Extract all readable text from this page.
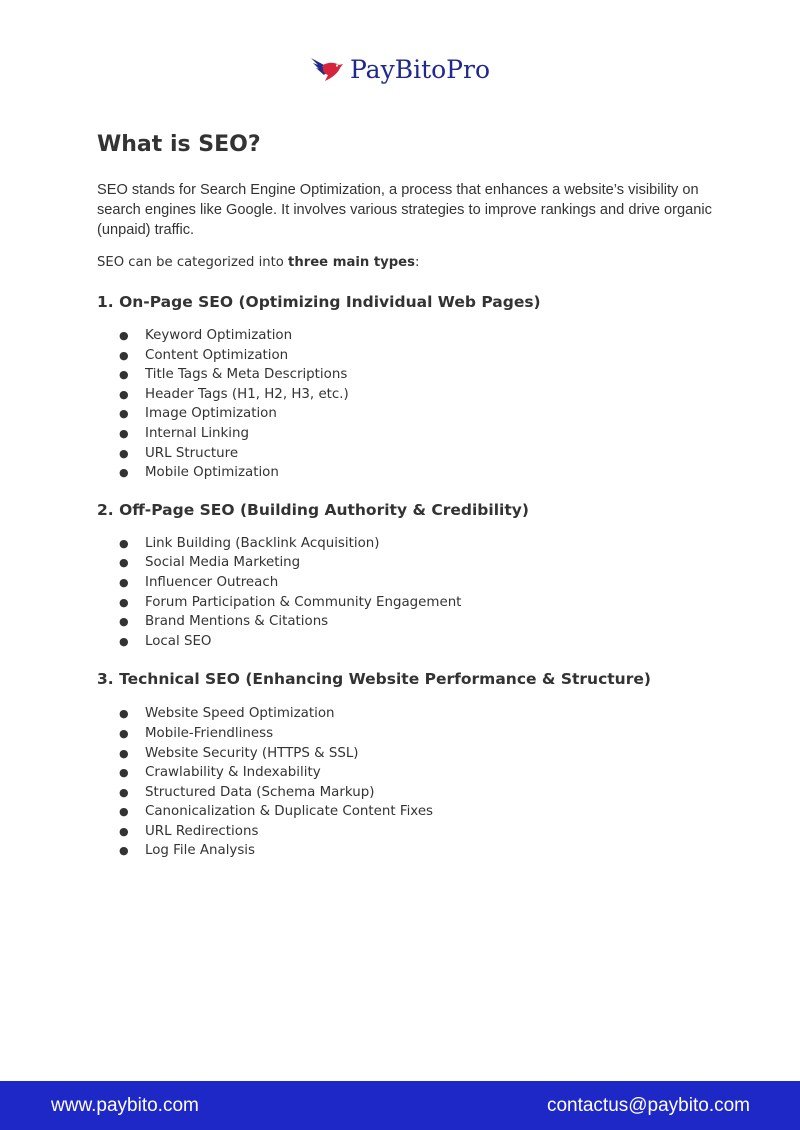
PayBitoPro
What is SEO?

SEO stands for Search Engine Optimization, a process that enhances a website’s visibility on search engines like Google. It involves various strategies to improve rankings and drive organic (unpaid) traffic.

SEO can be categorized into three main types:

1. On-Page SEO (Optimizing Individual Web Pages)
● Keyword Optimization
● Content Optimization
● Title Tags & Meta Descriptions
● Header Tags (H1, H2, H3, etc.)
● Image Optimization
● Internal Linking
● URL Structure
● Mobile Optimization
2. Off-Page SEO (Building Authority & Credibility)
● Link Building (Backlink Acquisition)
● Social Media Marketing
● Influencer Outreach
● Forum Participation & Community Engagement
● Brand Mentions & Citations
● Local SEO
3. Technical SEO (Enhancing Website Performance & Structure)
● Website Speed Optimization
● Mobile-Friendliness
● Website Security (HTTPS & SSL)
● Crawlability & Indexability
● Structured Data (Schema Markup)
● Canonicalization & Duplicate Content Fixes
● URL Redirections
● Log File Analysis
www.paybito.com	contactus@paybito.com
